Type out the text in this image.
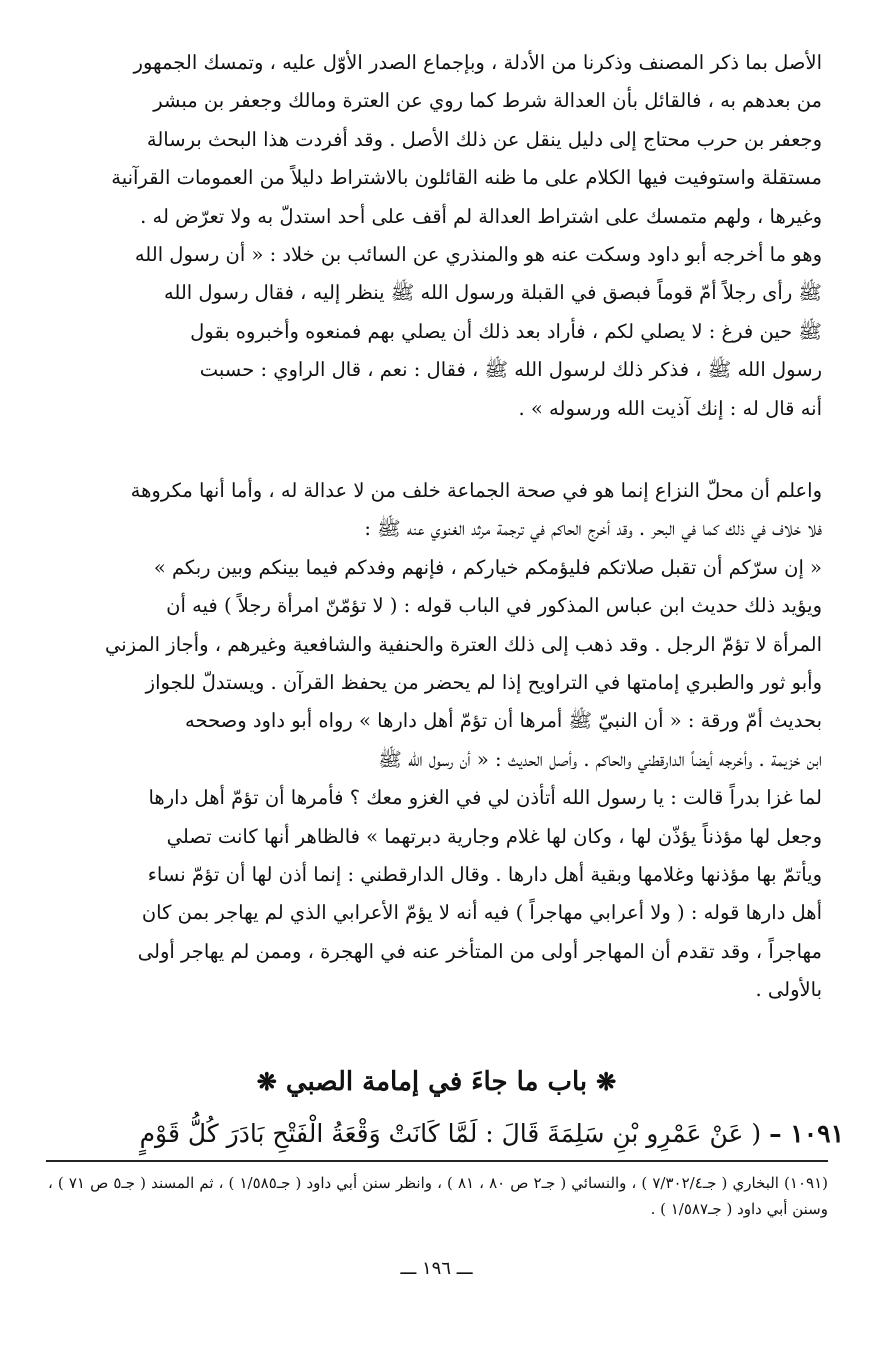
الأصل بما ذكر المصنف وذكرنا من الأدلة ، وبإجماع الصدر الأوّل عليه ، وتمسك الجمهور
من بعدهم به ، فالقائل بأن العدالة شرط كما روي عن العترة ومالك وجعفر بن مبشر
وجعفر بن حرب محتاج إلى دليل ينقل عن ذلك الأصل . وقد أفردت هذا البحث برسالة
مستقلة واستوفيت فيها الكلام على ما ظنه القائلون بالاشتراط دليلاً من العمومات القرآنية
وغيرها ، ولهم متمسك على اشتراط العدالة لم أقف على أحد استدلّ به ولا تعرّض له .
وهو ما أخرجه أبو داود وسكت عنه هو والمنذري عن السائب بن خلاد : « أن رسول الله
ﷺ رأى رجلاً أمّ قوماً فبصق في القبلة ورسول الله ﷺ ينظر إليه ، فقال رسول الله
ﷺ حين فرغ : لا يصلي لكم ، فأراد بعد ذلك أن يصلي بهم فمنعوه وأخبروه بقول
رسول الله ﷺ ، فذكر ذلك لرسول الله ﷺ ، فقال : نعم ، قال الراوي : حسبت
أنه قال له : إنك آذيت الله ورسوله » .
واعلم أن محلّ النزاع إنما هو في صحة الجماعة خلف من لا عدالة له ، وأما أنها مكروهة
فلا خلاف في ذلك كما في البحر . وقد أخرج الحاكم في ترجمة مرثد الغنوي عنه ﷺ :
« إن سرّكم أن تقبل صلاتكم فليؤمكم خياركم ، فإنهم وفدكم فيما بينكم وبين ربكم »
ويؤيد ذلك حديث ابن عباس المذكور في الباب قوله : ( لا تؤمّنّ امرأة رجلاً ) فيه أن
المرأة لا تؤمّ الرجل . وقد ذهب إلى ذلك العترة والحنفية والشافعية وغيرهم ، وأجاز المزني
وأبو ثور والطبري إمامتها في التراويح إذا لم يحضر من يحفظ القرآن . ويستدلّ للجواز
بحديث أمّ ورقة : « أن النبيّ ﷺ أمرها أن تؤمّ أهل دارها » رواه أبو داود وصححه
ابن خزيمة . وأخرجه أيضاً الدارقطني والحاكم . وأصل الحديث : « أن رسول الله ﷺ
لما غزا بدراً قالت : يا رسول الله أتأذن لي في الغزو معك ؟ فأمرها أن تؤمّ أهل دارها
وجعل لها مؤذناً يؤذّن لها ، وكان لها غلام وجارية دبرتهما » فالظاهر أنها كانت تصلي
ويأتمّ بها مؤذنها وغلامها وبقية أهل دارها . وقال الدارقطني : إنما أذن لها أن تؤمّ نساء
أهل دارها قوله : ( ولا أعرابي مهاجراً ) فيه أنه لا يؤمّ الأعرابي الذي لم يهاجر بمن كان
مهاجراً ، وقد تقدم أن المهاجر أولى من المتأخر عنه في الهجرة ، وممن لم يهاجر أولى
بالأولى .
❋ باب ما جاءَ في إمامة الصبي ❋
١٠٩١ – ( عَنْ عَمْرِو بْنِ سَلِمَةَ قَالَ : لَمَّا كَانَتْ وَقْعَةُ الْفَتْحِ بَادَرَ كُلُّ قَوْمٍ
(١٠٩١) البخاري ( جـ٧/٣٠٢/٤ ) ، والنسائي ( جـ٢ ص ٨٠ ، ٨١ ) ، وانظر سنن أبي داود ( جـ١/٥٨٥ ) ، ثم المسند ( جـ٥ ص ٧١ ) ، وسنن أبي داود ( جـ١/٥٨٧ ) .
ـــ ١٩٦ ـــ
